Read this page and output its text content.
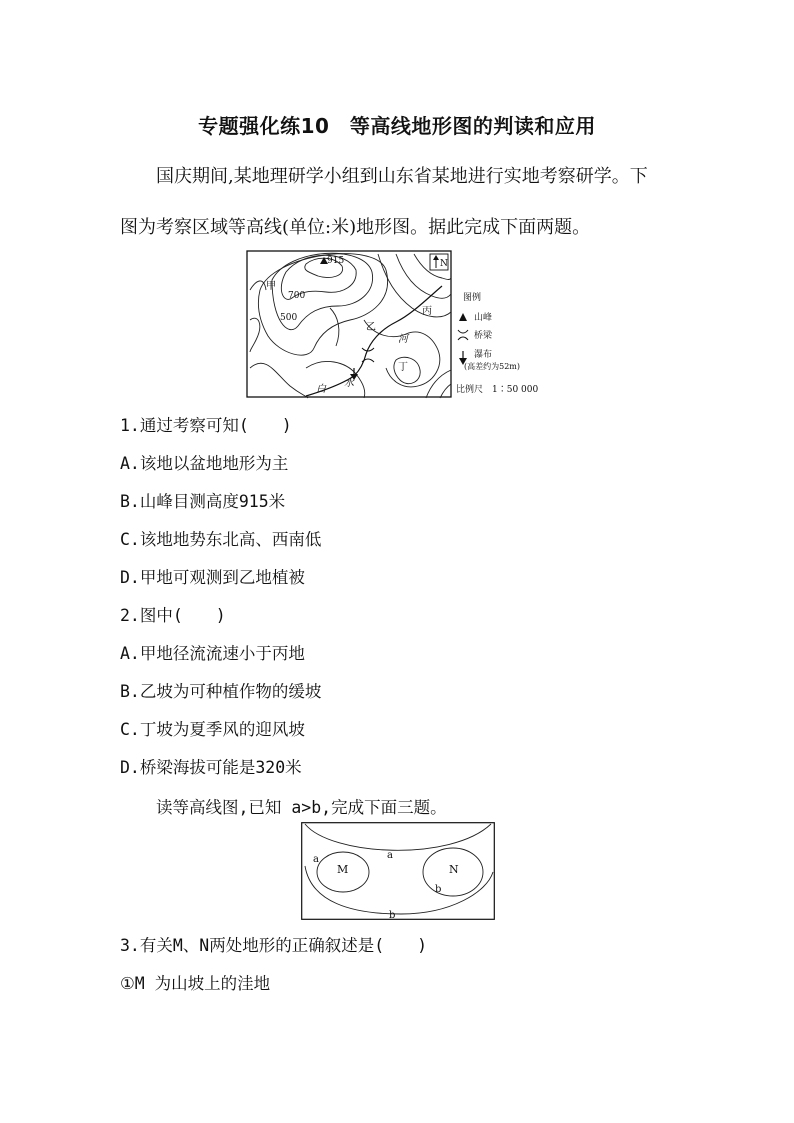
专题强化练10　等高线地形图的判读和应用
国庆期间,某地理研学小组到山东省某地进行实地考察研学。下
图为考察区域等高线(单位:米)地形图。据此完成下面两题。
N
915
甲
700
500
乙
丙
河
丁
白
水
图例
山峰
桥梁
瀑布
(高差约为52m)
比例尺　1∶50 000
1.通过考察可知(　　)
A.该地以盆地地形为主
B.山峰目测高度915米
C.该地地势东北高、西南低
D.甲地可观测到乙地植被
2.图中(　　)
A.甲地径流流速小于丙地
B.乙坡为可种植作物的缓坡
C.丁坡为夏季风的迎风坡
D.桥梁海拔可能是320米
读等高线图,已知 a>b,完成下面三题。
M	N
a
a
b
b
3.有关M、N两处地形的正确叙述是(　　)
①M 为山坡上的洼地
